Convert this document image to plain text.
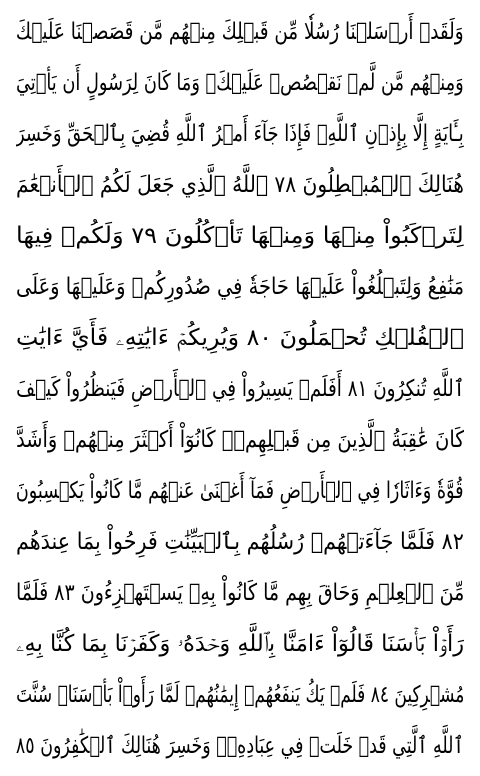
وَلَقَدۡ أَرۡسَلۡنَا رُسُلٗا مِّن قَبۡلِكَ مِنۡهُم مَّن قَصَصۡنَا عَلَيۡكَ
وَمِنۡهُم مَّن لَّمۡ نَقۡصُصۡ عَلَيۡكَۗ وَمَا كَانَ لِرَسُولٍ أَن يَأۡتِيَ
بِـَٔايَةٍ إِلَّا بِإِذۡنِ ٱللَّهِۚ فَإِذَا جَآءَ أَمۡرُ ٱللَّهِ قُضِيَ بِٱلۡحَقِّ وَخَسِرَ
هُنَالِكَ ٱلۡمُبۡطِلُونَ ٧٨ ٱللَّهُ ٱلَّذِي جَعَلَ لَكُمُ ٱلۡأَنۡعَٰمَ
لِتَرۡكَبُواْ مِنۡهَا وَمِنۡهَا تَأۡكُلُونَ ٧٩ وَلَكُمۡ فِيهَا
مَنَٰفِعُ وَلِتَبۡلُغُواْ عَلَيۡهَا حَاجَةٗ فِي صُدُورِكُمۡ وَعَلَيۡهَا وَعَلَى
ٱلۡفُلۡكِ تُحۡمَلُونَ ٨٠ وَيُرِيكُمۡ ءَايَٰتِهِۦ فَأَيَّ ءَايَٰتِ
ٱللَّهِ تُنكِرُونَ ٨١ أَفَلَمۡ يَسِيرُواْ فِي ٱلۡأَرۡضِ فَيَنظُرُواْ كَيۡفَ
كَانَ عَٰقِبَةُ ٱلَّذِينَ مِن قَبۡلِهِمۡۚ كَانُوٓاْ أَكۡثَرَ مِنۡهُمۡ وَأَشَدَّ
قُوَّةٗ وَءَاثَارٗا فِي ٱلۡأَرۡضِ فَمَآ أَغۡنَىٰ عَنۡهُم مَّا كَانُواْ يَكۡسِبُونَ
٨٢ فَلَمَّا جَآءَتۡهُمۡ رُسُلُهُم بِٱلۡبَيِّنَٰتِ فَرِحُواْ بِمَا عِندَهُم
مِّنَ ٱلۡعِلۡمِ وَحَاقَ بِهِم مَّا كَانُواْ بِهِۦ يَسۡتَهۡزِءُونَ ٨٣ فَلَمَّا
رَأَوۡاْ بَأۡسَنَا قَالُوٓاْ ءَامَنَّا بِٱللَّهِ وَحۡدَهُۥ وَكَفَرۡنَا بِمَا كُنَّا بِهِۦ
مُشۡرِكِينَ ٨٤ فَلَمۡ يَكُ يَنفَعُهُمۡ إِيمَٰنُهُمۡ لَمَّا رَأَوۡاْ بَأۡسَنَاۖ سُنَّتَ
ٱللَّهِ ٱلَّتِي قَدۡ خَلَتۡ فِي عِبَادِهِۦۖ وَخَسِرَ هُنَالِكَ ٱلۡكَٰفِرُونَ ٨٥
